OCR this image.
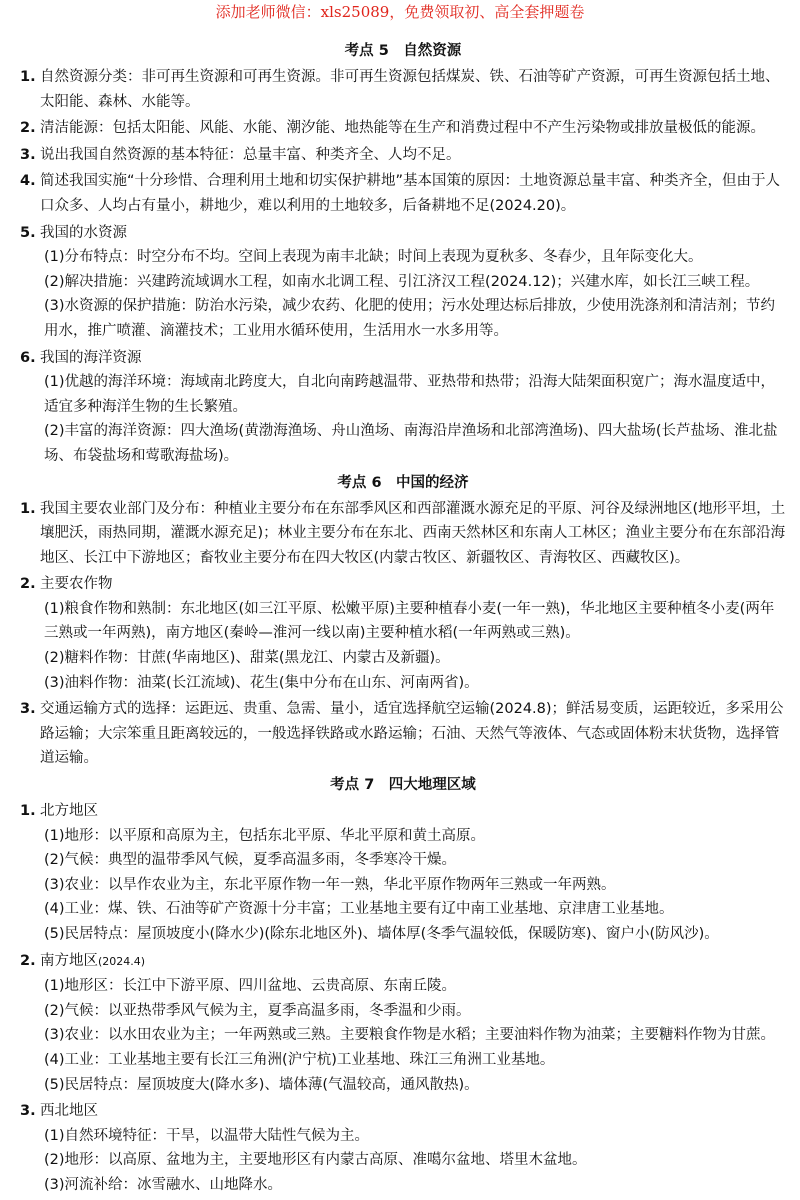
添加老师微信：xls25089，免费领取初、高全套押题卷
考点 5　自然资源
1. 自然资源分类：非可再生资源和可再生资源。非可再生资源包括煤炭、铁、石油等矿产资源，可再生资源包括土地、太阳能、森林、水能等。
2. 清洁能源：包括太阳能、风能、水能、潮汐能、地热能等在生产和消费过程中不产生污染物或排放量极低的能源。
3. 说出我国自然资源的基本特征：总量丰富、种类齐全、人均不足。
4. 简述我国实施“十分珍惜、合理利用土地和切实保护耕地”基本国策的原因：土地资源总量丰富、种类齐全，但由于人口众多、人均占有量小，耕地少，难以利用的土地较多，后备耕地不足(2024.20)。
5. 我国的水资源
(1)分布特点：时空分布不均。空间上表现为南丰北缺；时间上表现为夏秋多、冬春少，且年际变化大。
(2)解决措施：兴建跨流域调水工程，如南水北调工程、引江济汉工程(2024.12)；兴建水库，如长江三峡工程。
(3)水资源的保护措施：防治水污染，减少农药、化肥的使用；污水处理达标后排放，少使用洗涤剂和清洁剂；节约用水，推广喷灌、滴灌技术；工业用水循环使用，生活用水一水多用等。
6. 我国的海洋资源
(1)优越的海洋环境：海域南北跨度大，自北向南跨越温带、亚热带和热带；沿海大陆架面积宽广；海水温度适中，适宜多种海洋生物的生长繁殖。
(2)丰富的海洋资源：四大渔场(黄渤海渔场、舟山渔场、南海沿岸渔场和北部湾渔场)、四大盐场(长芦盐场、淮北盐场、布袋盐场和莺歌海盐场)。
考点 6　中国的经济
1. 我国主要农业部门及分布：种植业主要分布在东部季风区和西部灌溉水源充足的平原、河谷及绿洲地区(地形平坦，土壤肥沃，雨热同期，灌溉水源充足)；林业主要分布在东北、西南天然林区和东南人工林区；渔业主要分布在东部沿海地区、长江中下游地区；畜牧业主要分布在四大牧区(内蒙古牧区、新疆牧区、青海牧区、西藏牧区)。
2. 主要农作物
(1)粮食作物和熟制：东北地区(如三江平原、松嫩平原)主要种植春小麦(一年一熟)，华北地区主要种植冬小麦(两年三熟或一年两熟)，南方地区(秦岭—淮河一线以南)主要种植水稻(一年两熟或三熟)。
(2)糖料作物：甘蔗(华南地区)、甜菜(黑龙江、内蒙古及新疆)。
(3)油料作物：油菜(长江流域)、花生(集中分布在山东、河南两省)。
3. 交通运输方式的选择：运距远、贵重、急需、量小，适宜选择航空运输(2024.8)；鲜活易变质，运距较近，多采用公路运输；大宗笨重且距离较远的，一般选择铁路或水路运输；石油、天然气等液体、气态或固体粉末状货物，选择管道运输。
考点 7　四大地理区域
1. 北方地区
(1)地形：以平原和高原为主，包括东北平原、华北平原和黄土高原。
(2)气候：典型的温带季风气候，夏季高温多雨，冬季寒冷干燥。
(3)农业：以旱作农业为主，东北平原作物一年一熟，华北平原作物两年三熟或一年两熟。
(4)工业：煤、铁、石油等矿产资源十分丰富；工业基地主要有辽中南工业基地、京津唐工业基地。
(5)民居特点：屋顶坡度小(降水少)(除东北地区外)、墙体厚(冬季气温较低，保暖防寒)、窗户小(防风沙)。
2. 南方地区(2024.4)
(1)地形区：长江中下游平原、四川盆地、云贵高原、东南丘陵。
(2)气候：以亚热带季风气候为主，夏季高温多雨，冬季温和少雨。
(3)农业：以水田农业为主；一年两熟或三熟。主要粮食作物是水稻；主要油料作物为油菜；主要糖料作物为甘蔗。
(4)工业：工业基地主要有长江三角洲(沪宁杭)工业基地、珠江三角洲工业基地。
(5)民居特点：屋顶坡度大(降水多)、墙体薄(气温较高，通风散热)。
3. 西北地区
(1)自然环境特征：干旱，以温带大陆性气候为主。
(2)地形：以高原、盆地为主，主要地形区有内蒙古高原、准噶尔盆地、塔里木盆地。
(3)河流补给：冰雪融水、山地降水。
